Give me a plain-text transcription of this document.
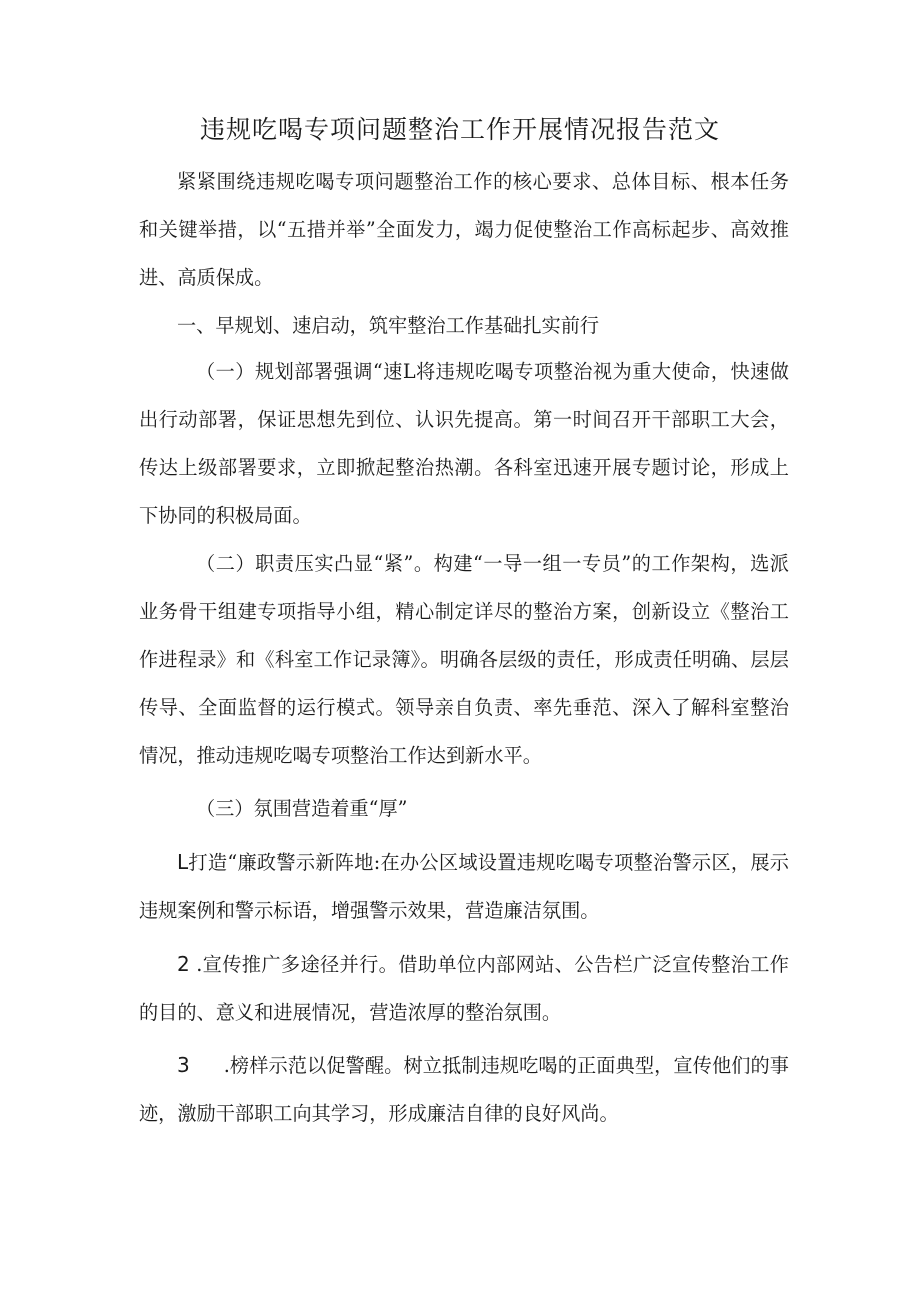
违规吃喝专项问题整治工作开展情况报告范文

紧紧围绕违规吃喝专项问题整治工作的核心要求、总体目标、根本任务和关键举措，以“五措并举”全面发力，竭力促使整治工作高标起步、高效推进、高质保成。

一、早规划、速启动，筑牢整治工作基础扎实前行

（一）规划部署强调“速L将违规吃喝专项整治视为重大使命，快速做出行动部署，保证思想先到位、认识先提高。第一时间召开干部职工大会，传达上级部署要求，立即掀起整治热潮。各科室迅速开展专题讨论，形成上下协同的积极局面。

（二）职责压实凸显“紧”。构建“一导一组一专员”的工作架构，选派业务骨干组建专项指导小组，精心制定详尽的整治方案，创新设立《整治工作进程录》和《科室工作记录簿》。明确各层级的责任，形成责任明确、层层传导、全面监督的运行模式。领导亲自负责、率先垂范、深入了解科室整治情况，推动违规吃喝专项整治工作达到新水平。

（三）氛围营造着重“厚”

L打造“廉政警示新阵地:在办公区域设置违规吃喝专项整治警示区，展示违规案例和警示标语，增强警示效果，营造廉洁氛围。

2 .宣传推广多途径并行。借助单位内部网站、公告栏广泛宣传整治工作的目的、意义和进展情况，营造浓厚的整治氛围。

3 .榜样示范以促警醒。树立抵制违规吃喝的正面典型，宣传他们的事迹，激励干部职工向其学习，形成廉洁自律的良好风尚。
